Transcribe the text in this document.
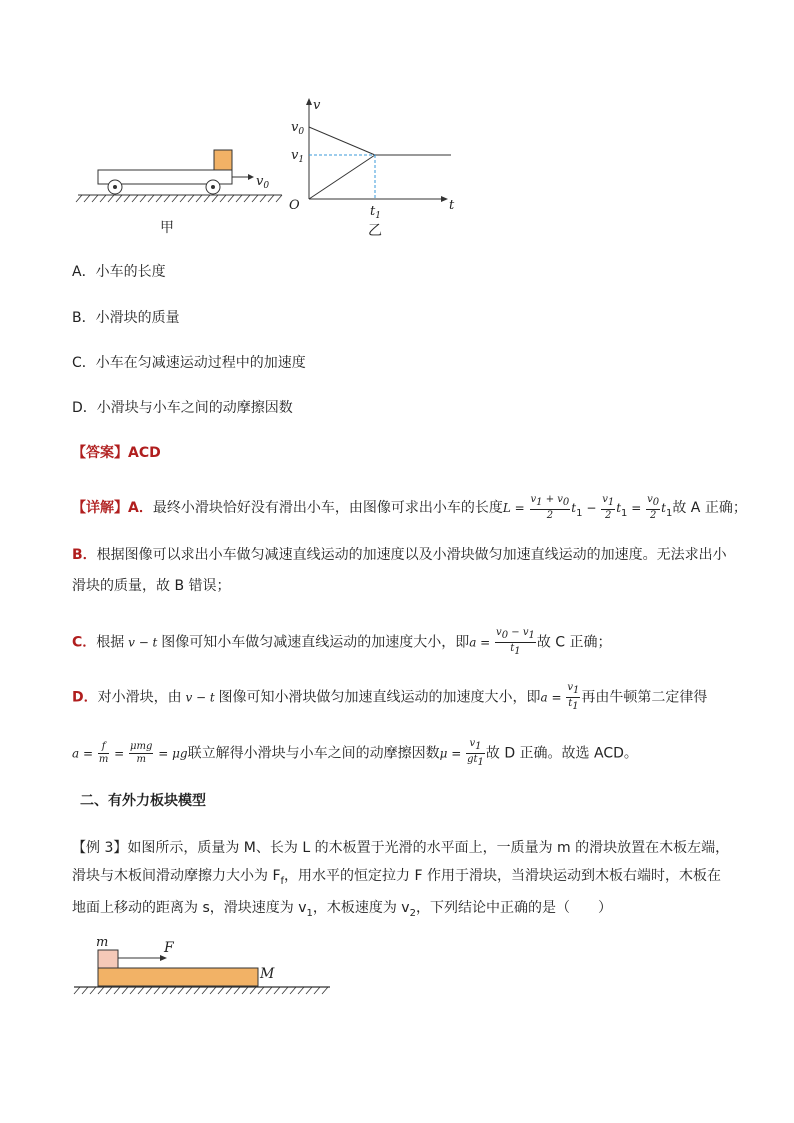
$v_0$
甲
v
t
O
$v_0$
$v_1$
$t_1$
乙
A．小车的长度
B．小滑块的质量
C．小车在匀减速运动过程中的加速度
D．小滑块与小车之间的动摩擦因数
【答案】ACD
【详解】A．最终小滑块恰好没有滑出小车，由图像可求出小车的长度$L = \frac{v_1 + v_0}{2} t_1 - \frac{v_1}{2} t_1 = \frac{v_0}{2} t_1$故 A 正确；
B．根据图像可以求出小车做匀减速直线运动的加速度以及小滑块做匀加速直线运动的加速度。无法求出小
滑块的质量，故 B 错误；
C．根据 v − t 图像可知小车做匀减速直线运动的加速度大小，即$a = \frac{v_0 - v_1}{t_1}$ 故 C 正确；
D．对小滑块，由 v − t 图像可知小滑块做匀加速直线运动的加速度大小，即$a = \frac{v_1}{t_1}$ 再由牛顿第二定律得
$a = \frac{f}{m} = \frac{\text{μmg}}{m} = \mu g$联立解得小滑块与小车之间的动摩擦因数$\mu = \frac{v_1}{gt_1}$ 故 D 正确。故选 ACD。
二、有外力板块模型
【例 3】如图所示，质量为 M、长为 L 的木板置于光滑的水平面上，一质量为 m 的滑块放置在木板左端，
滑块与木板间滑动摩擦力大小为 $F_f$，用水平的恒定拉力 F 作用于滑块，当滑块运动到木板右端时，木板在
地面上移动的距离为 s，滑块速度为 $v_1$，木板速度为 $v_2$，下列结论中正确的是（　　）
m	F
M
